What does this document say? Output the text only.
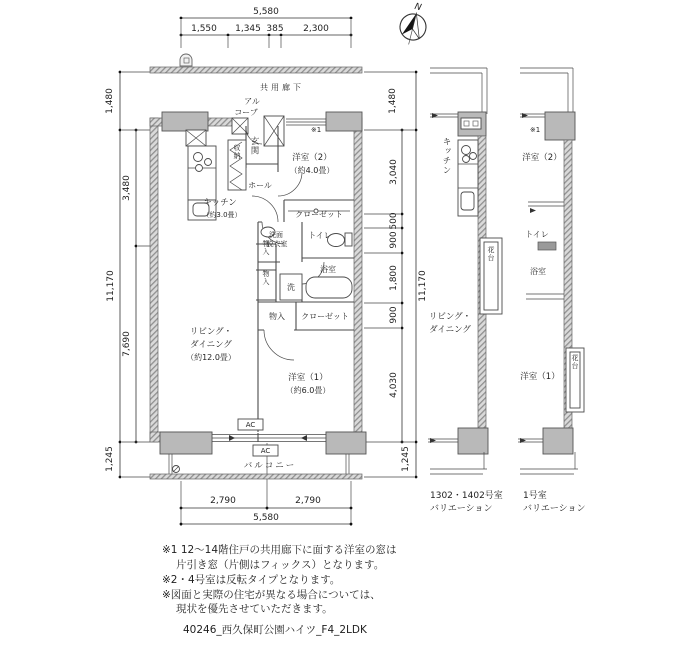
N
5,580
1,550 1,345 385 2,300
1,480
11,170
3,480
7,690
1,245
1,480
3,040
500
900
1,800
900
4,030
11,170
1,245
2,790	2,790
5,580
共用廊下
アル
コーブ
※1
玄関
収納
ホール
キッチン
（約3.0畳）
洋室（2）
（約4.0畳）
クローゼット
洗面
脱衣室
トイレ
浴室
洗
物入
物入
物入 クローゼット
リビング・
ダイニング
（約12.0畳）
洋室（1）
（約6.0畳）
AC
AC
バルコニー
キッチン
花台
リビング・
ダイニング
1302・1402号室
バリエーション
※1
洋室（2）
トイレ
浴室
洋室（1）
花台
1号室
バリエーション
※1 12〜14階住戸の共用廊下に面する洋室の窓は
片引き窓（片側はフィックス）となります。
※2・4号室は反転タイプとなります。
※図面と実際の住宅が異なる場合については、
現状を優先させていただきます。
40246_西久保町公園ハイツ_F4_2LDK
